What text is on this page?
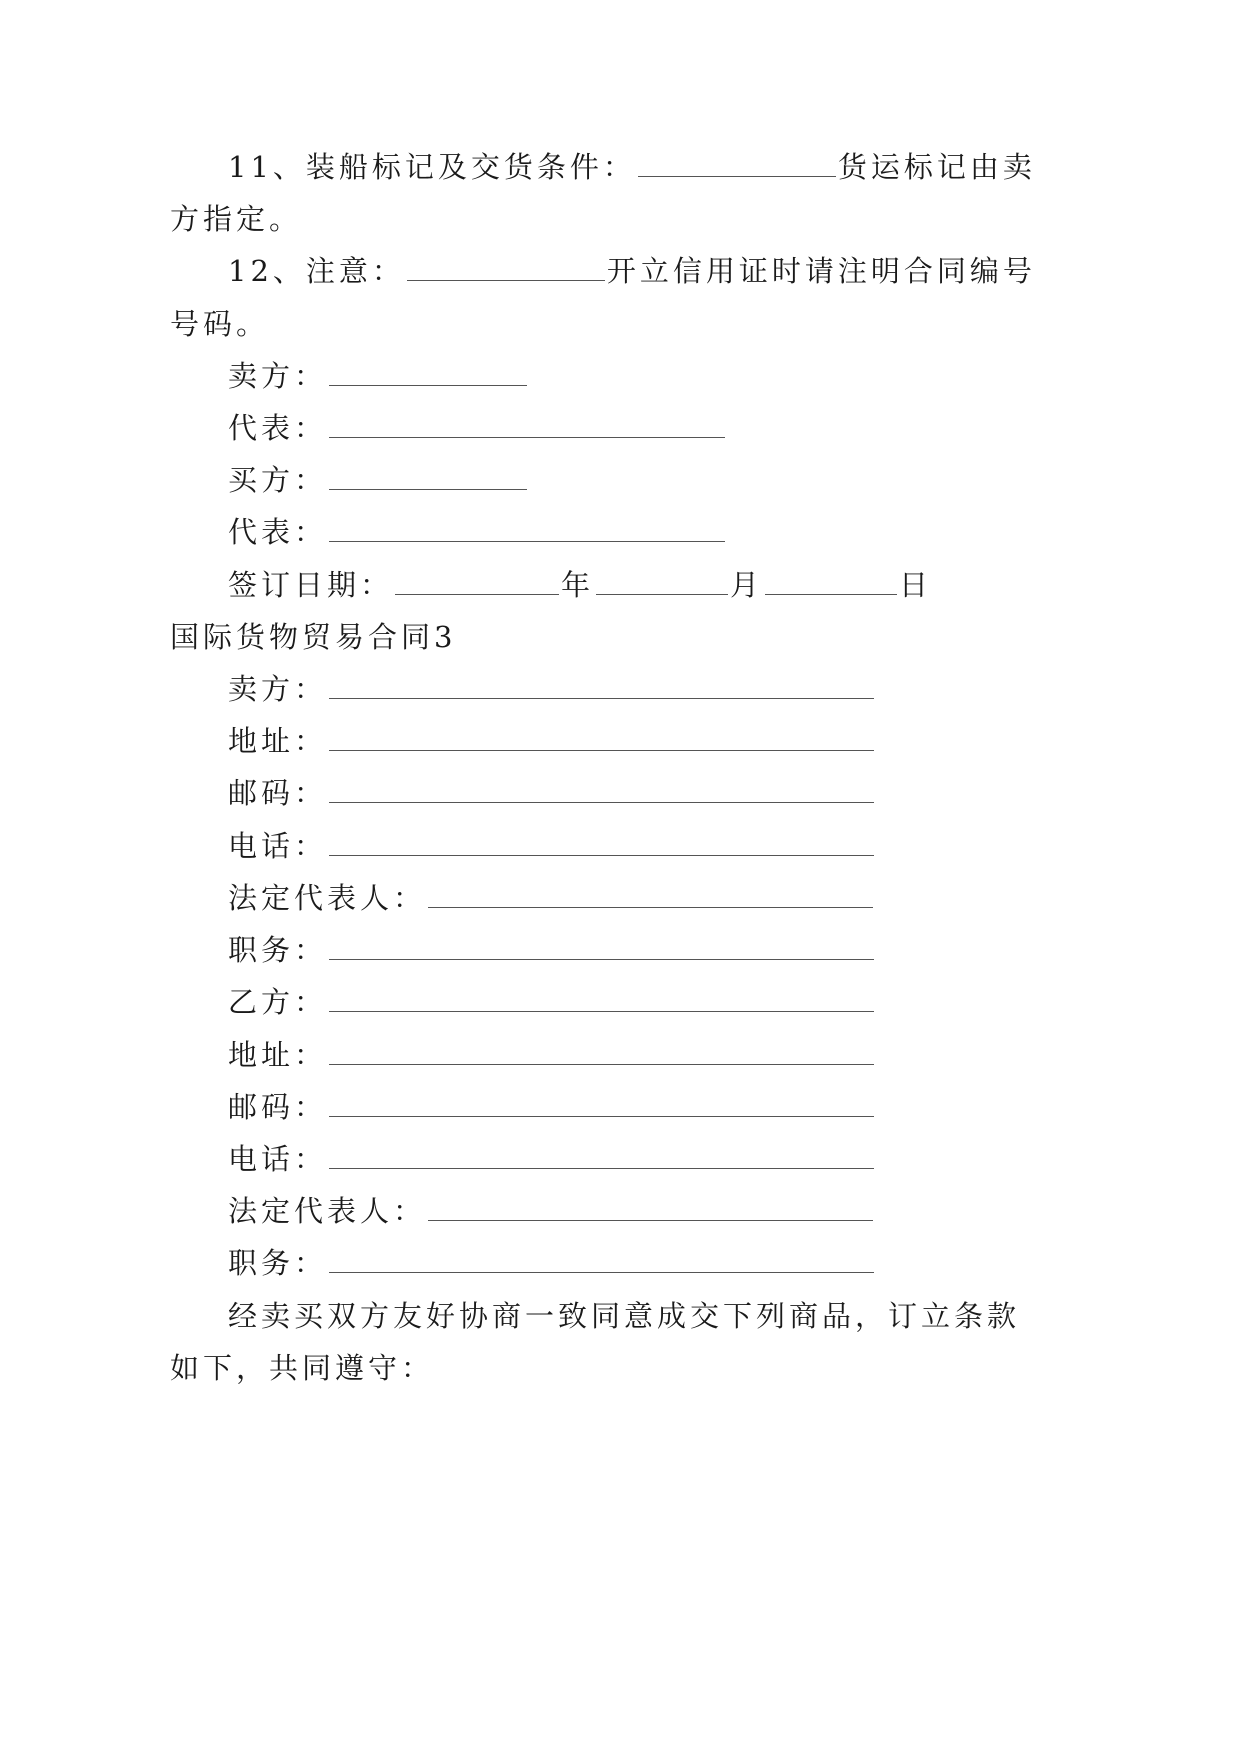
11、装船标记及交货条件：	货运标记由卖
方指定。
12、注意：	开立信用证时请注明合同编号
号码。
卖方：
代表：
买方：
代表：
签订日期：	年	月	日
国际货物贸易合同3
卖方：
地址：
邮码：
电话：
法定代表人：
职务：
乙方：
地址：
邮码：
电话：
法定代表人：
职务：
经卖买双方友好协商一致同意成交下列商品，订立条款
如下，共同遵守：
